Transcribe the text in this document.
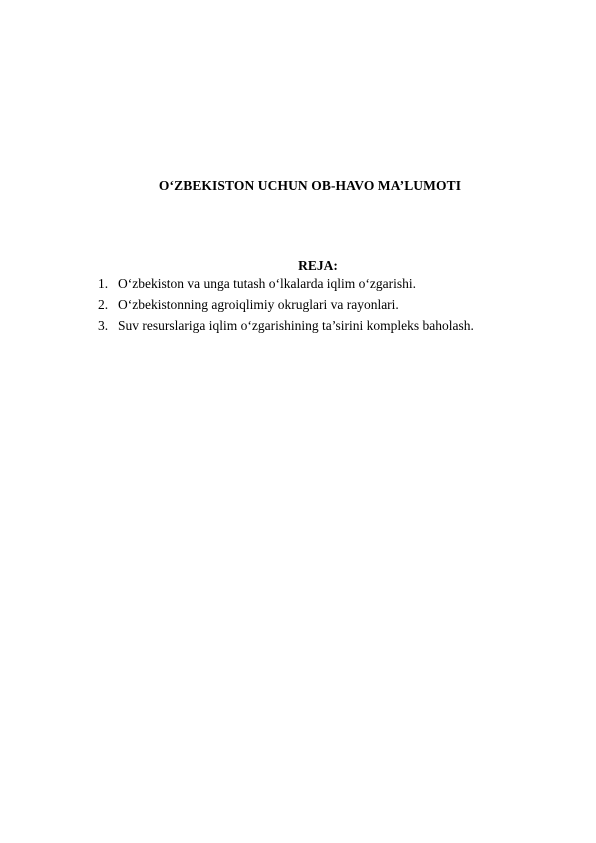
O‘ZBEKISTON UCHUN OB-HAVO MA’LUMOTI
REJA:
1. O‘zbekiston va unga tutash o‘lkalarda iqlim o‘zgarishi.
2. O‘zbekistonning agroiqlimiy okruglari va rayonlari.
3. Suv resurslariga iqlim o‘zgarishining ta’sirini kompleks baholash.
